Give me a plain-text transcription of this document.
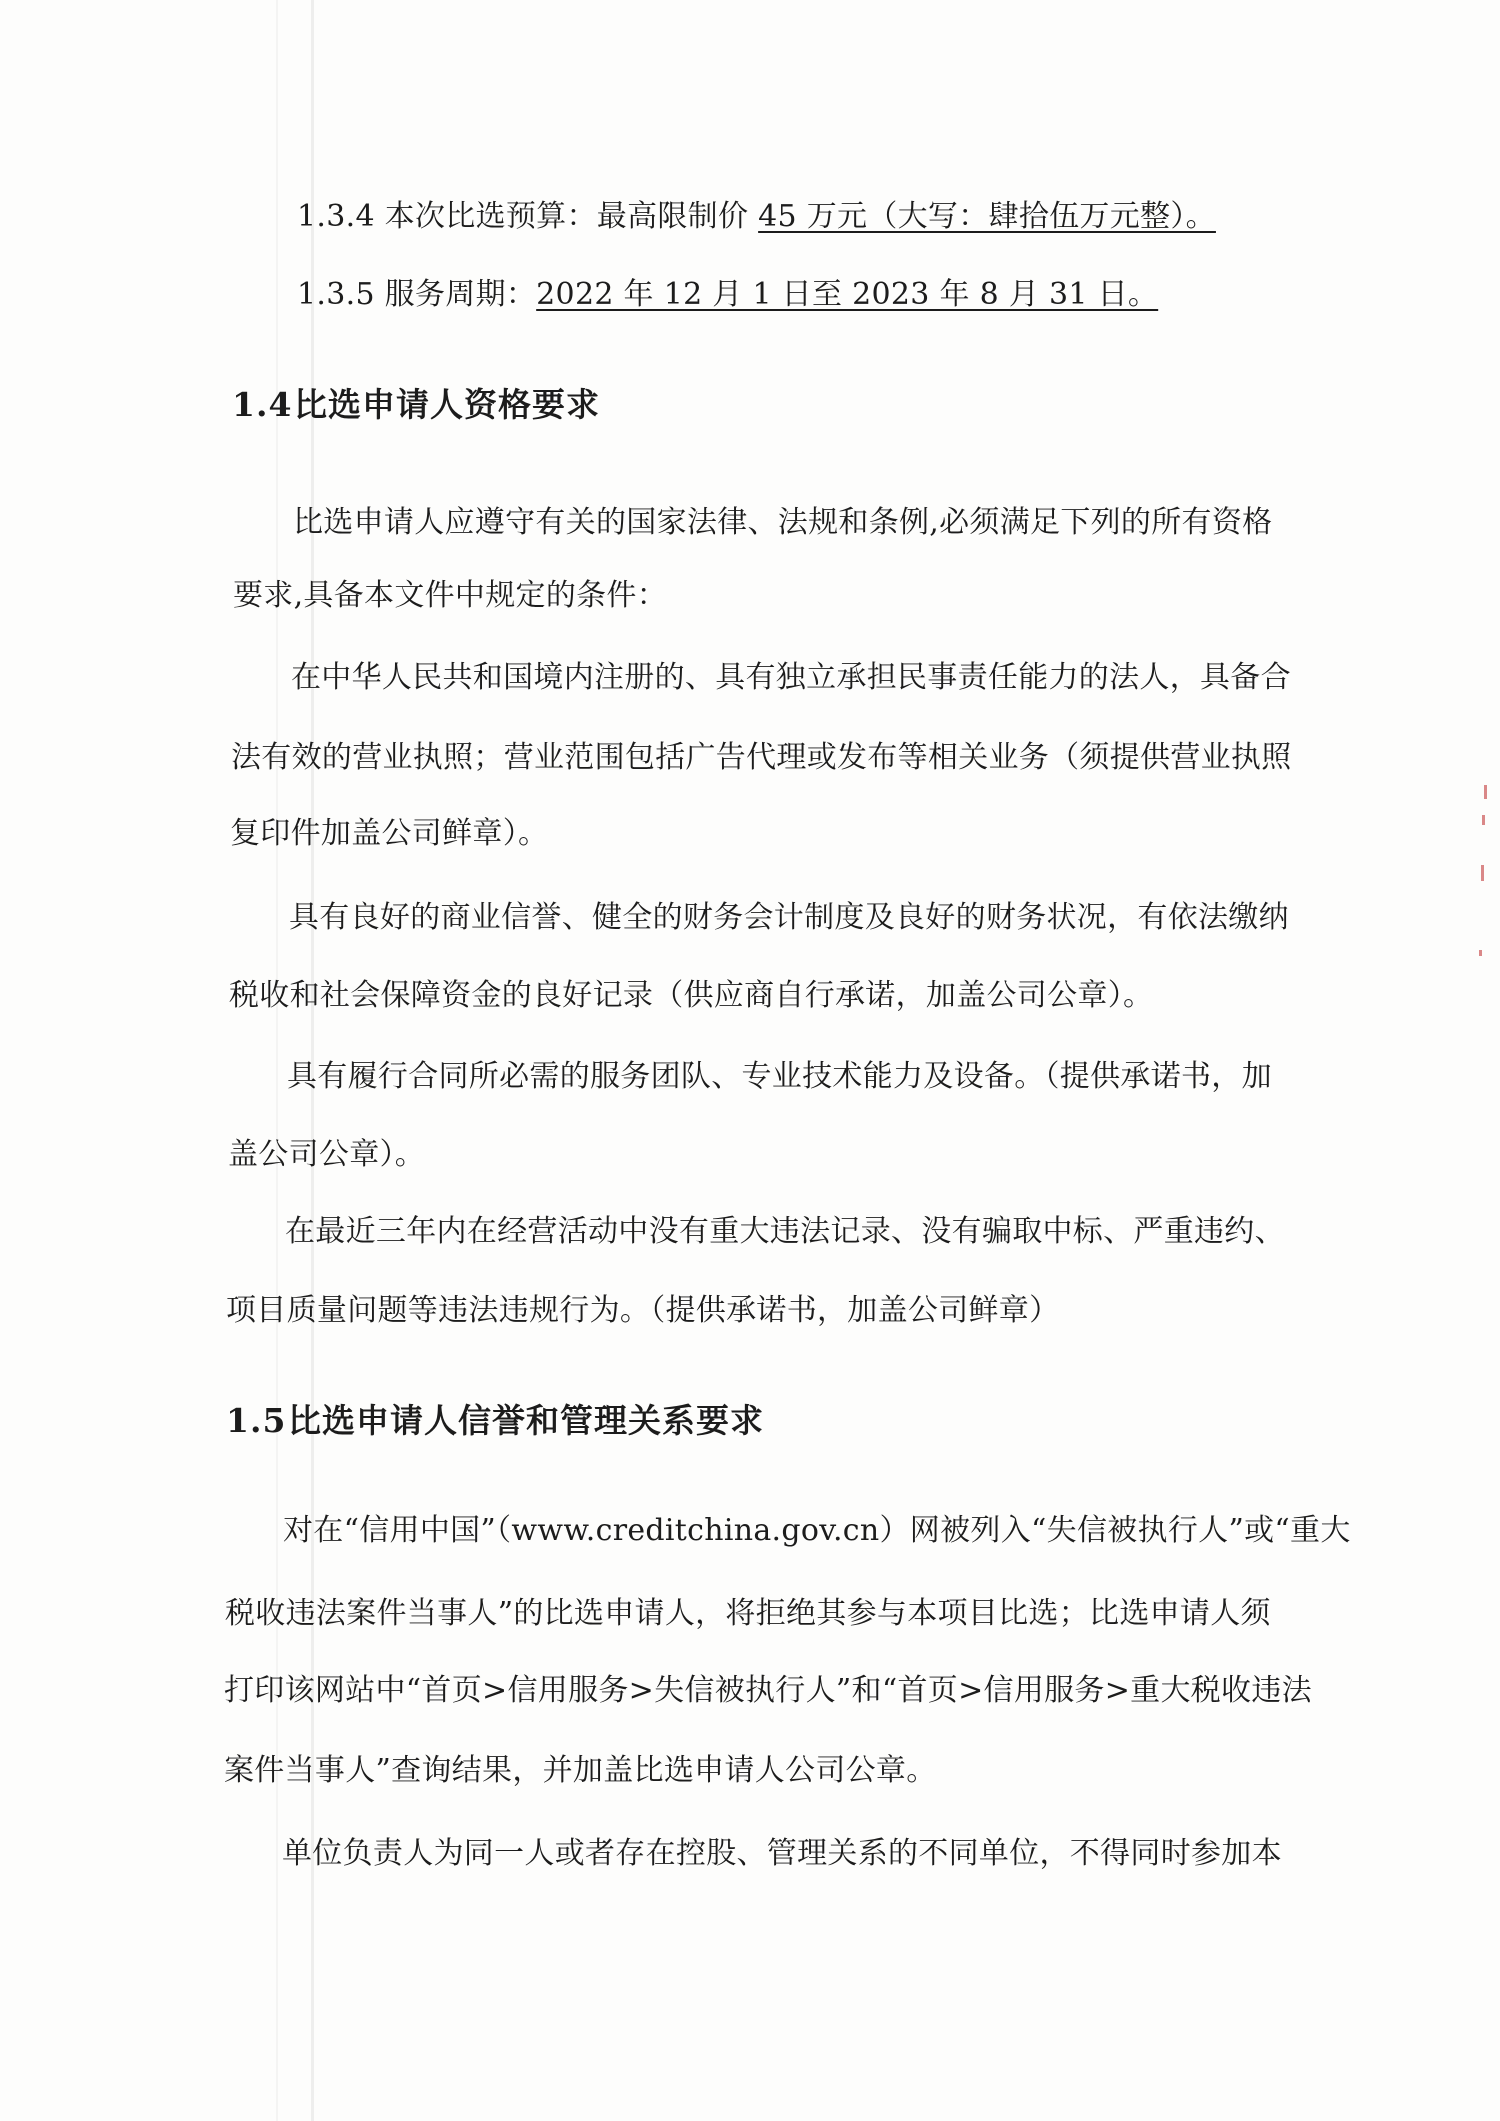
1.3.4 本次比选预算：最高限制价 45 万元（大写：肆拾伍万元整）。
1.3.5 服务周期：2022 年 12 月 1 日至 2023 年 8 月 31 日。
1.4比选申请人资格要求
比选申请人应遵守有关的国家法律、法规和条例,必须满足下列的所有资格
要求,具备本文件中规定的条件：
在中华人民共和国境内注册的、具有独立承担民事责任能力的法人，具备合
法有效的营业执照；营业范围包括广告代理或发布等相关业务（须提供营业执照
复印件加盖公司鲜章）。
具有良好的商业信誉、健全的财务会计制度及良好的财务状况，有依法缴纳
税收和社会保障资金的良好记录（供应商自行承诺，加盖公司公章）。
具有履行合同所必需的服务团队、专业技术能力及设备。（提供承诺书，加
盖公司公章）。
在最近三年内在经营活动中没有重大违法记录、没有骗取中标、严重违约、
项目质量问题等违法违规行为。（提供承诺书，加盖公司鲜章）
1.5比选申请人信誉和管理关系要求
对在“信用中国”（www.creditchina.gov.cn）网被列入“失信被执行人”或“重大
税收违法案件当事人”的比选申请人，将拒绝其参与本项目比选；比选申请人须
打印该网站中“首页>信用服务>失信被执行人”和“首页>信用服务>重大税收违法
案件当事人”查询结果，并加盖比选申请人公司公章。
单位负责人为同一人或者存在控股、管理关系的不同单位，不得同时参加本
